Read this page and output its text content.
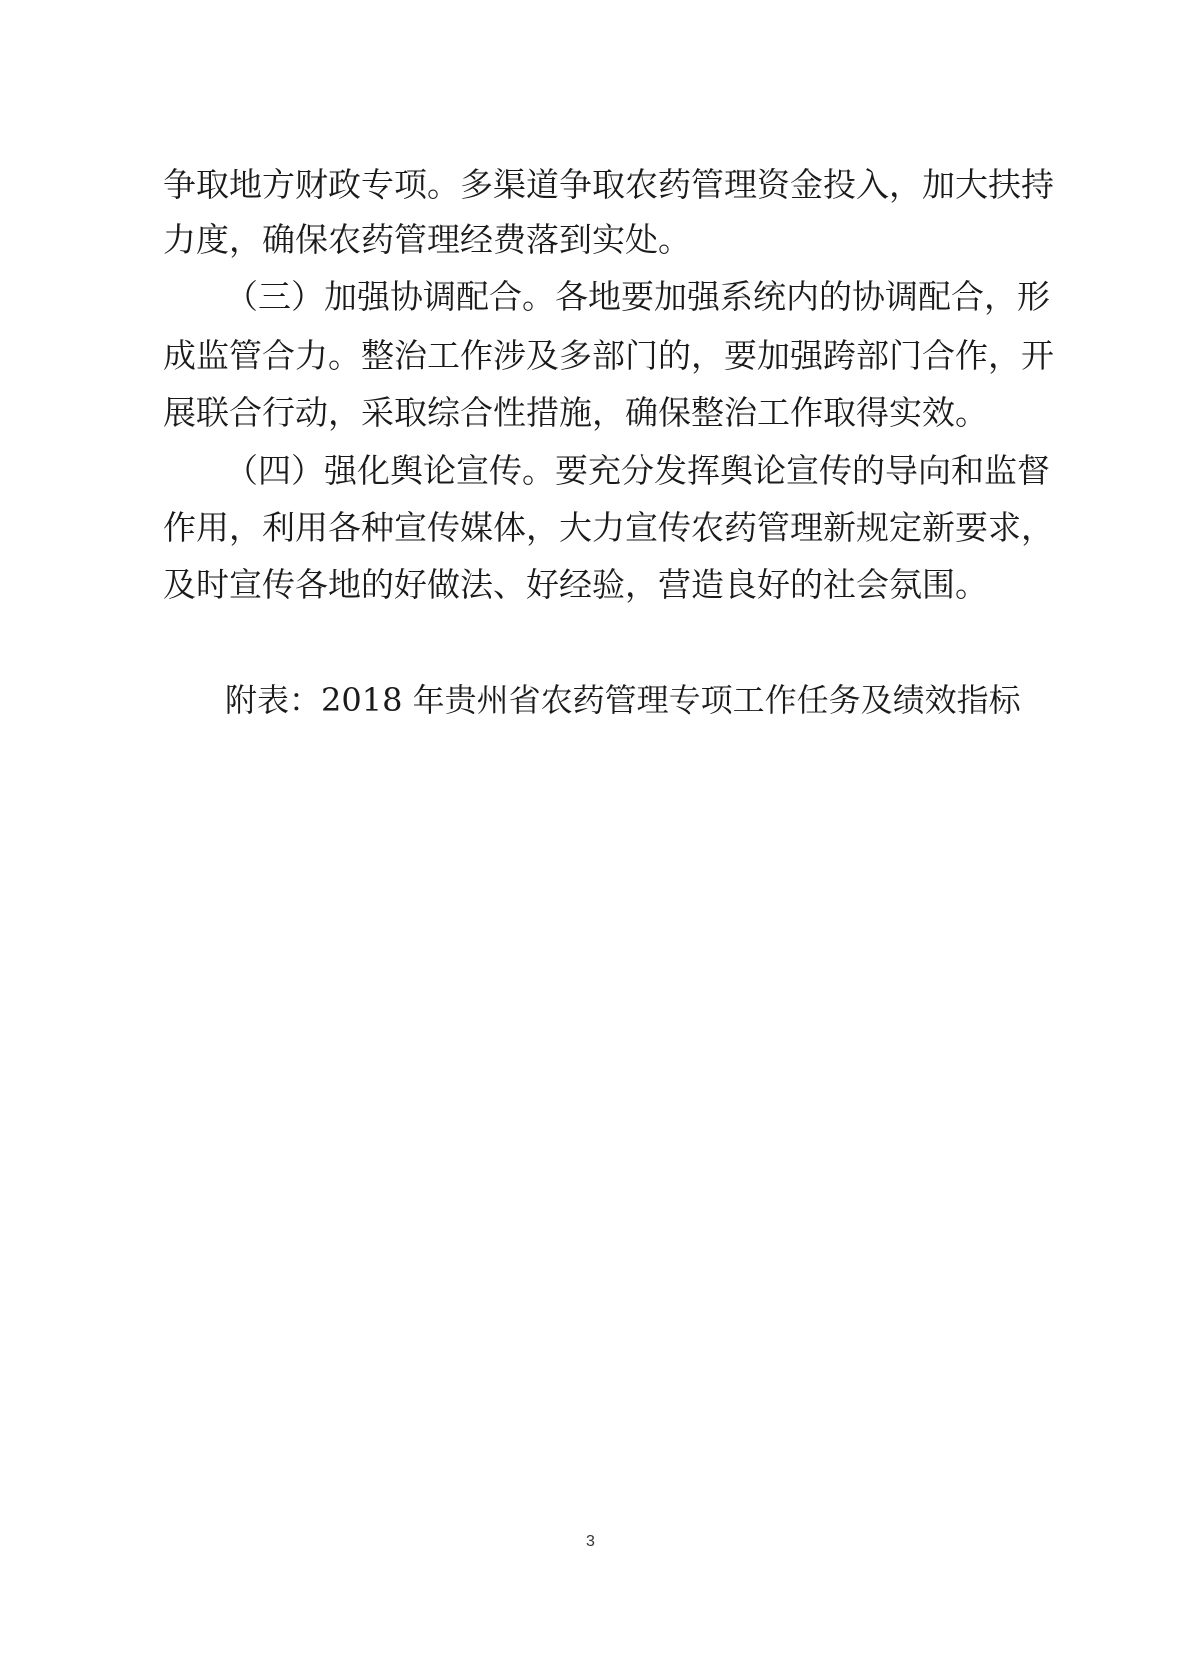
争取地方财政专项。多渠道争取农药管理资金投入，加大扶持
力度，确保农药管理经费落到实处。
（三）加强协调配合。各地要加强系统内的协调配合，形
成监管合力。整治工作涉及多部门的，要加强跨部门合作，开
展联合行动，采取综合性措施，确保整治工作取得实效。
（四）强化舆论宣传。要充分发挥舆论宣传的导向和监督
作用，利用各种宣传媒体，大力宣传农药管理新规定新要求，
及时宣传各地的好做法、好经验，营造良好的社会氛围。
附表：2018 年贵州省农药管理专项工作任务及绩效指标
3
